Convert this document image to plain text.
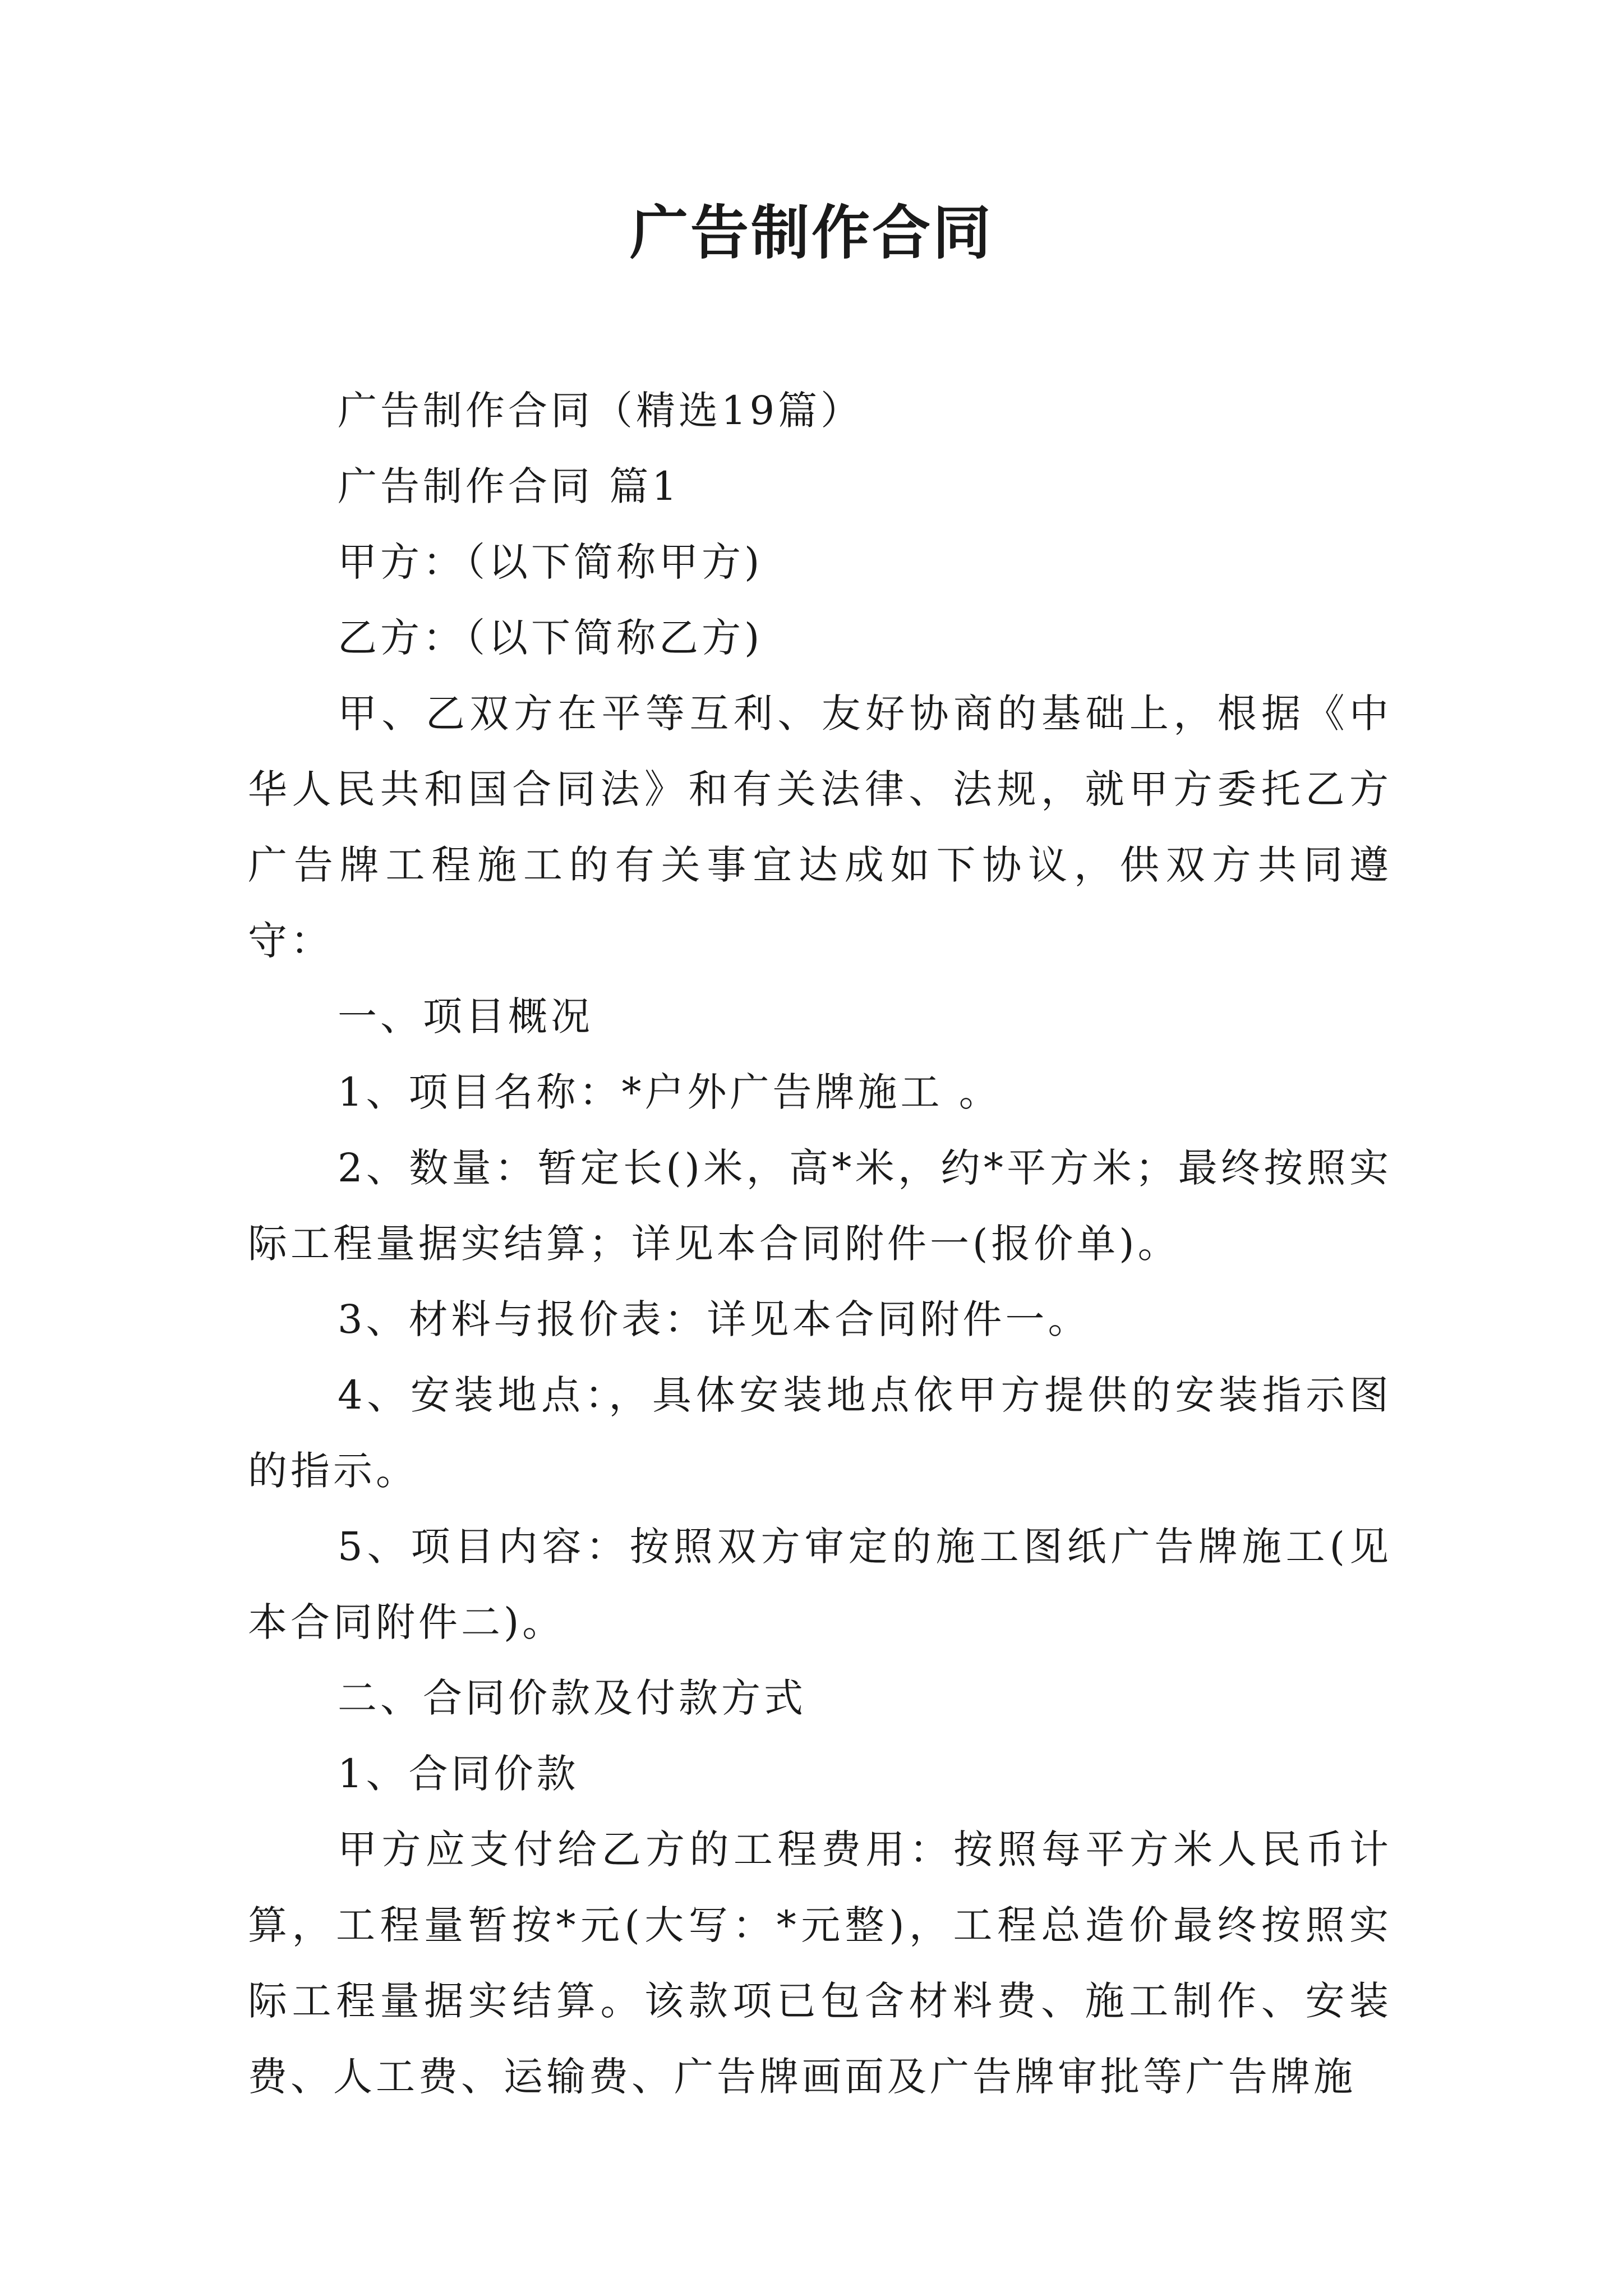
广告制作合同

广告制作合同（精选19篇）

广告制作合同 篇1

甲方：（以下简称甲方)

乙方：（以下简称乙方)

甲、乙双方在平等互利、友好协商的基础上，根据《中华人民共和国合同法》和有关法律、法规，就甲方委托乙方广告牌工程施工的有关事宜达成如下协议，供双方共同遵守：

一、项目概况

1、项目名称：*户外广告牌施工 。

2、数量：暂定长()米，高*米，约*平方米；最终按照实际工程量据实结算；详见本合同附件一(报价单)。

3、材料与报价表：详见本合同附件一。

4、安装地点：，具体安装地点依甲方提供的安装指示图的指示。

5、项目内容：按照双方审定的施工图纸广告牌施工(见本合同附件二)。

二、合同价款及付款方式

1、合同价款

甲方应支付给乙方的工程费用：按照每平方米人民币计算，工程量暂按*元(大写：*元整)，工程总造价最终按照实际工程量据实结算。该款项已包含材料费、施工制作、安装费、人工费、运输费、广告牌画面及广告牌审批等广告牌施
